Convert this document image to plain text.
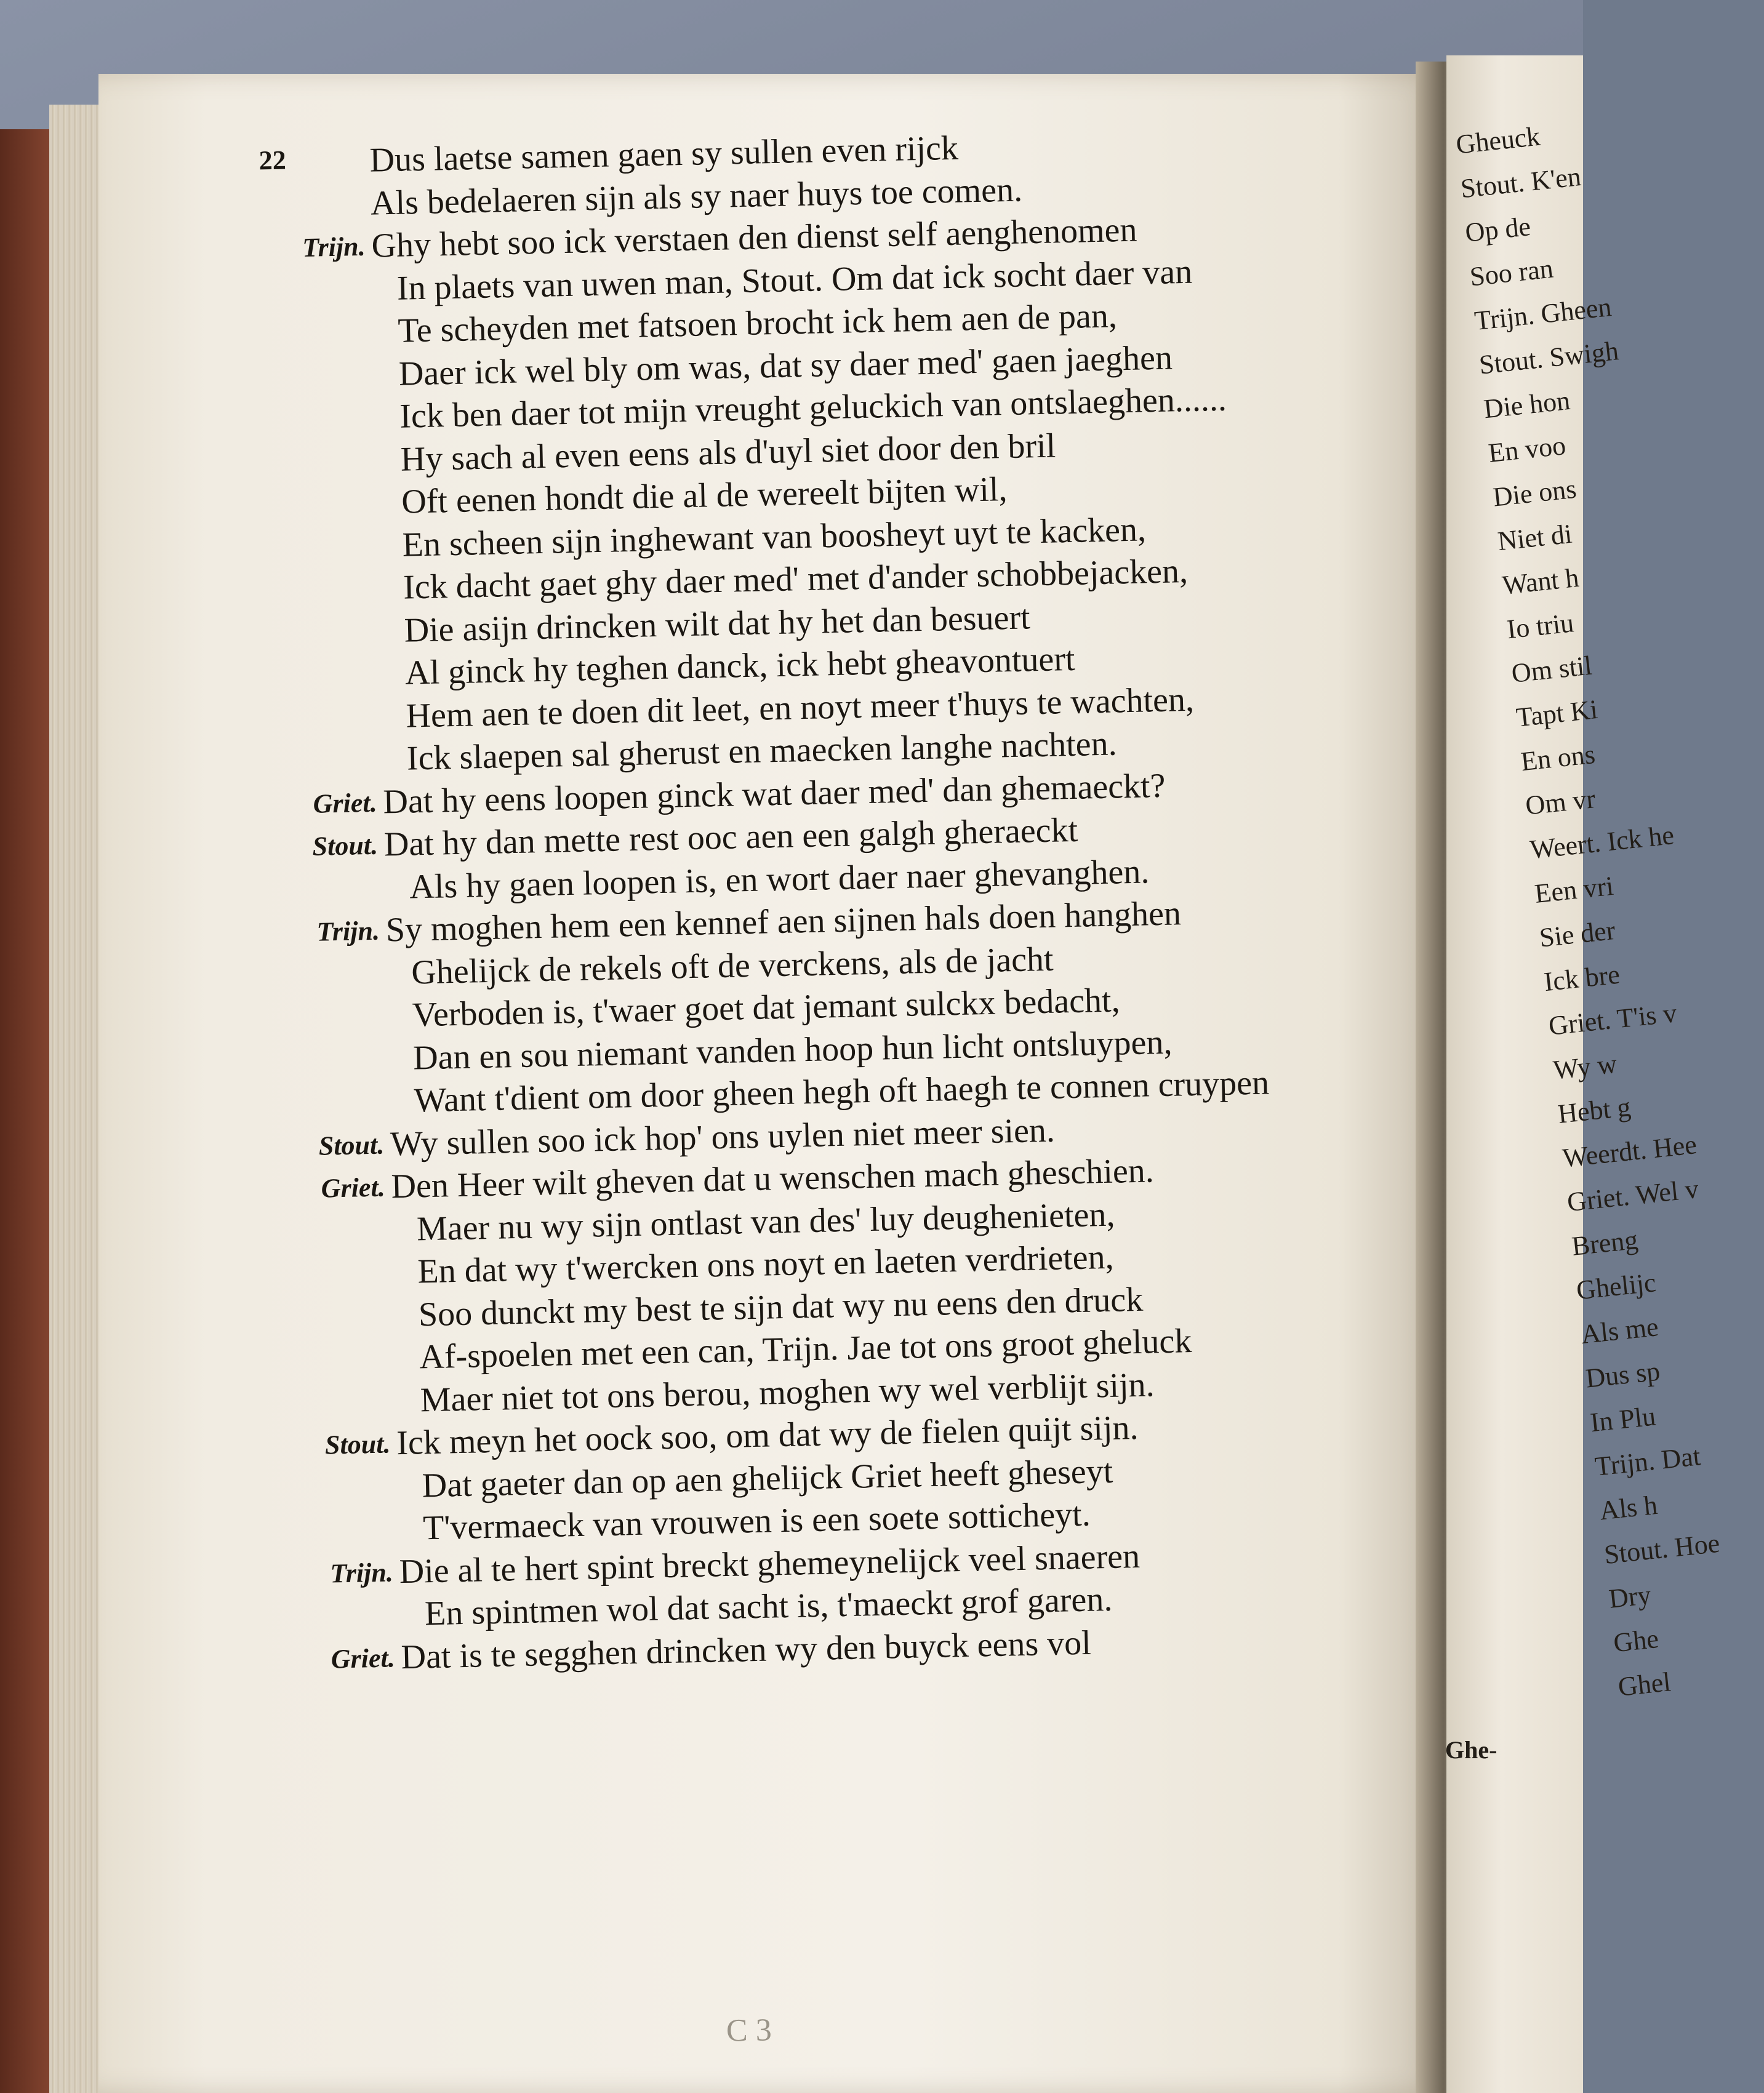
22 Dus laetse samen gaen sy sullen even rijck
Als bedelaeren sijn als sy naer huys toe comen.
Trijn. Ghy hebt soo ick verstaen den dienst self aenghenomen
In plaets van uwen man, Stout. Om dat ick socht daer van
Te scheyden met fatsoen brocht ick hem aen de pan,
Daer ick wel bly om was, dat sy daer med' gaen jaeghen
Ick ben daer tot mijn vreught geluckich van ontslaeghen......
Hy sach al even eens als d'uyl siet door den bril
Oft eenen hondt die al de wereelt bijten wil,
En scheen sijn inghewant van boosheyt uyt te kacken,
Ick dacht gaet ghy daer med' met d'ander schobbejacken,
Die asijn drincken wilt dat hy het dan besuert
Al ginck hy teghen danck, ick hebt gheavontuert
Hem aen te doen dit leet, en noyt meer t'huys te wachten,
Ick slaepen sal gherust en maecken langhe nachten.
Griet. Dat hy eens loopen ginck wat daer med' dan ghemaeckt?
Stout. Dat hy dan mette rest ooc aen een galgh gheraeckt
Als hy gaen loopen is, en wort daer naer ghevanghen.
Trijn. Sy moghen hem een kennef aen sijnen hals doen hanghen
Ghelijck de rekels oft de verckens, als de jacht
Verboden is, t'waer goet dat jemant sulckx bedacht,
Dan en sou niemant vanden hoop hun licht ontsluypen,
Want t'dient om door gheen hegh oft haegh te connen cruypen
Stout. Wy sullen soo ick hop' ons uylen niet meer sien.
Griet. Den Heer wilt gheven dat u wenschen mach gheschien.
Maer nu wy sijn ontlast van des' luy deughenieten,
En dat wy t'wercken ons noyt en laeten verdrieten,
Soo dunckt my best te sijn dat wy nu eens den druck
Af-spoelen met een can, Trijn. Jae tot ons groot gheluck
Maer niet tot ons berou, moghen wy wel verblijt sijn.
Stout. Ick meyn het oock soo, om dat wy de fielen quijt sijn.
Dat gaeter dan op aen ghelijck Griet heeft gheseyt
T'vermaeck van vrouwen is een soete sotticheyt.
Trijn. Die al te hert spint breckt ghemeynelijck veel snaeren
En spintmen wol dat sacht is, t'maeckt grof garen.
Griet. Dat is te segghen drincken wy den buyck eens vol
C 3
Gheuck
Stout. K'en
Op de
Soo ran
Trijn. Gheen
Stout. Swigh
Die hon
En voo
Die ons
Niet di
Want h
Io triu
Om stil
Tapt Ki
En ons
Om vr
Weert. Ick he
Een vri
Sie der
Ick bre
Griet. T'is v
Wy w
Hebt g
Weerdt. Hee
Griet. Wel v
Breng
Ghelijc
Als me
Dus sp
In Plu
Trijn. Dat
Als h
Stout. Hoe
Dry
Ghe
Ghel
Ghe-
